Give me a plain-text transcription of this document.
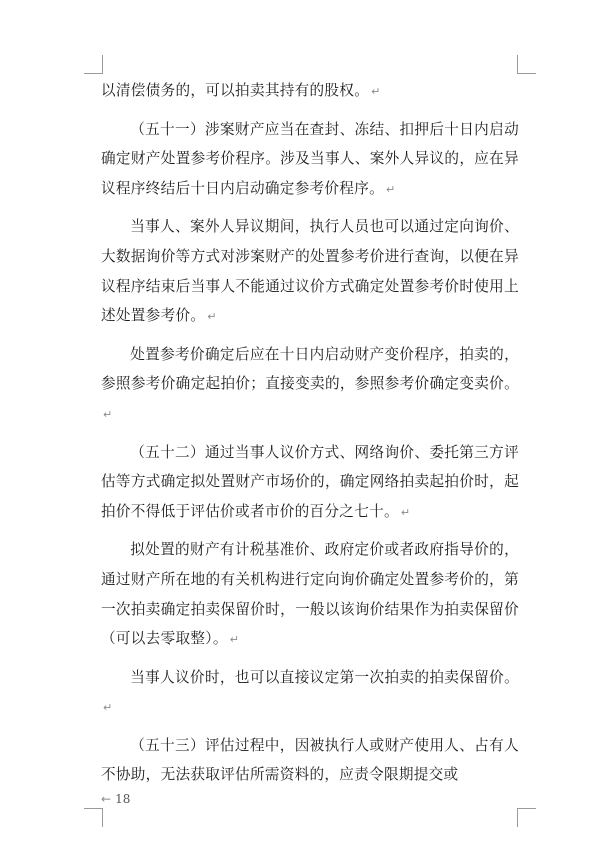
以清偿债务的，可以拍卖其持有的股权。 ↵

（五十一）涉案财产应当在查封、冻结、扣押后十日内启动确定财产处置参考价程序。涉及当事人、案外人异议的，应在异议程序终结后十日内启动确定参考价程序。 ↵

当事人、案外人异议期间，执行人员也可以通过定向询价、大数据询价等方式对涉案财产的处置参考价进行查询，以便在异议程序结束后当事人不能通过议价方式确定处置参考价时使用上述处置参考价。 ↵

处置参考价确定后应在十日内启动财产变价程序，拍卖的，参照参考价确定起拍价；直接变卖的，参照参考价确定变卖价。↵

（五十二）通过当事人议价方式、网络询价、委托第三方评估等方式确定拟处置财产市场价的，确定网络拍卖起拍价时，起拍价不得低于评估价或者市价的百分之七十。 ↵

拟处置的财产有计税基准价、政府定价或者政府指导价的，通过财产所在地的有关机构进行定向询价确定处置参考价的，第一次拍卖确定拍卖保留价时，一般以该询价结果作为拍卖保留价（可以去零取整）。 ↵

当事人议价时，也可以直接议定第一次拍卖的拍卖保留价。↵

（五十三）评估过程中，因被执行人或财产使用人、占有人不协助，无法获取评估所需资料的，应责令限期提交或

← 18
